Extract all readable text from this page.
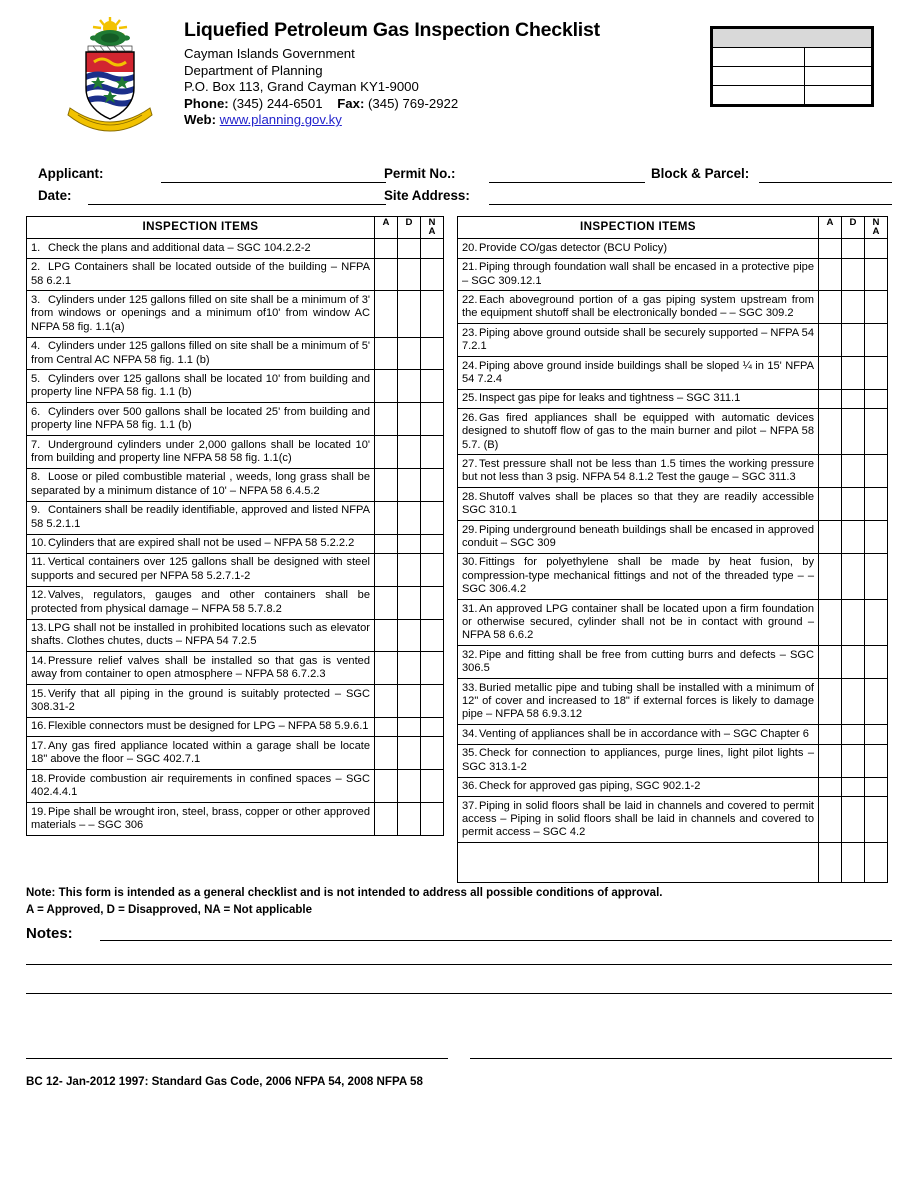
Liquefied Petroleum Gas Inspection Checklist
Cayman Islands Government
Department of Planning
P.O. Box 113, Grand Cayman KY1-9000
Phone: (345) 244-6501 Fax: (345) 769-2922
Web: www.planning.gov.ky

Applicant:
Date:
Permit No.:
Site Address:
Block & Parcel:
INSPECTION ITEMS	A	D	N
A

1. Check the plans and additional data – SGC 104.2.2-2			
2. LPG Containers shall be located outside of the building – NFPA 58 6.2.1			
3. Cylinders under 125 gallons filled on site shall be a minimum of 3' from windows or openings and a minimum of10' from window AC NFPA 58 fig. 1.1(a)			
4. Cylinders under 125 gallons filled on site shall be a minimum of 5' from Central AC NFPA 58 fig. 1.1 (b)			
5. Cylinders over 125 gallons shall be located 10' from building and property line NFPA 58 fig. 1.1 (b)			
6. Cylinders over 500 gallons shall be located 25' from building and property line NFPA 58 fig. 1.1 (b)			
7. Underground cylinders under 2,000 gallons shall be located 10' from building and property line NFPA 58 58 fig. 1.1(c)			
8. Loose or piled combustible material , weeds, long grass shall be separated by a minimum distance of 10' – NFPA 58 6.4.5.2			
9. Containers shall be readily identifiable, approved and listed NFPA 58 5.2.1.1			
10. Cylinders that are expired shall not be used – NFPA 58 5.2.2.2			
11. Vertical containers over 125 gallons shall be designed with steel supports and secured per NFPA 58 5.2.7.1-2			
12. Valves, regulators, gauges and other containers shall be protected from physical damage – NFPA 58 5.7.8.2			
13. LPG shall not be installed in prohibited locations such as elevator shafts. Clothes chutes, ducts – NFPA 54 7.2.5			
14. Pressure relief valves shall be installed so that gas is vented away from container to open atmosphere – NFPA 58 6.7.2.3			
15. Verify that all piping in the ground is suitably protected – SGC 308.31-2			
16. Flexible connectors must be designed for LPG – NFPA 58 5.9.6.1			
17. Any gas fired appliance located within a garage shall be locate 18" above the floor – SGC 402.7.1			
18. Provide combustion air requirements in confined spaces – SGC 402.4.4.1			
19. Pipe shall be wrought iron, steel, brass, copper or other approved materials – – SGC 306			
INSPECTION ITEMS	A	D	N
A

20. Provide CO/gas detector (BCU Policy)			
21. Piping through foundation wall shall be encased in a protective pipe – SGC 309.12.1			
22. Each aboveground portion of a gas piping system upstream from the equipment shutoff shall be electronically bonded – – SGC 309.2			
23. Piping above ground outside shall be securely supported – NFPA 54 7.2.1			
24. Piping above ground inside buildings shall be sloped ¼ in 15' NFPA 54 7.2.4			
25. Inspect gas pipe for leaks and tightness – SGC 311.1			
26. Gas fired appliances shall be equipped with automatic devices designed to shutoff flow of gas to the main burner and pilot – NFPA 58 5.7. (B)			
27. Test pressure shall not be less than 1.5 times the working pressure but not less than 3 psig. NFPA 54 8.1.2 Test the gauge – SGC 311.3			
28. Shutoff valves shall be places so that they are readily accessible SGC 310.1			
29. Piping underground beneath buildings shall be encased in approved conduit – SGC 309			
30. Fittings for polyethylene shall be made by heat fusion, by compression-type mechanical fittings and not of the threaded type – – SGC 306.4.2			
31. An approved LPG container shall be located upon a firm foundation or otherwise secured, cylinder shall not be in contact with ground – NFPA 58 6.6.2			
32. Pipe and fitting shall be free from cutting burrs and defects – SGC 306.5			
33. Buried metallic pipe and tubing shall be installed with a minimum of 12" of cover and increased to 18" if external forces is likely to damage pipe – NFPA 58 6.9.3.12			
34. Venting of appliances shall be in accordance with – SGC Chapter 6			
35. Check for connection to appliances, purge lines, light pilot lights – SGC 313.1-2			
36. Check for approved gas piping, SGC 902.1-2			
37. Piping in solid floors shall be laid in channels and covered to permit access – Piping in solid floors shall be laid in channels and covered to permit access – SGC 4.2			

Note: This form is intended as a general checklist and is not intended to address all possible conditions of approval.
A = Approved, D = Disapproved, NA = Not applicable
Notes:
BC 12- Jan-2012 1997: Standard Gas Code, 2006 NFPA 54, 2008 NFPA 58
